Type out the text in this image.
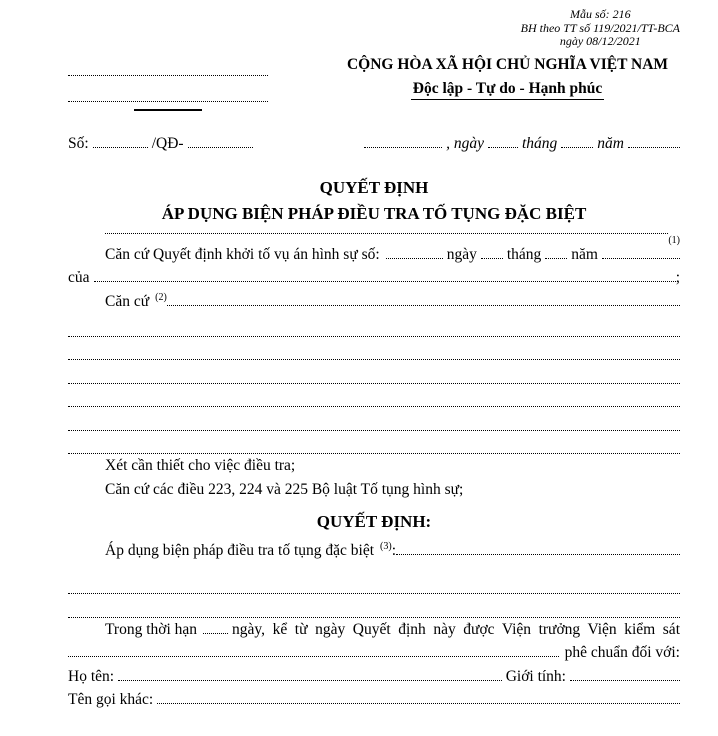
Mẫu số: 216
BH theo TT số 119/2021/TT-BCA
ngày 08/12/2021
CỘNG HÒA XÃ HỘI CHỦ NGHĨA VIỆT NAM
Độc lập - Tự do - Hạnh phúc
Số:	/QĐ-	, ngày tháng	năm
QUYẾT ĐỊNH
ÁP DỤNG BIỆN PHÁP ĐIỀU TRA TỐ TỤNG ĐẶC BIỆT
$^{(1)}$
Căn cứ Quyết định khởi tố vụ án hình sự số:	ngày tháng năm
của	;
Căn cứ $^{(2)}$
Xét cần thiết cho việc điều tra;
Căn cứ các điều 223, 224 và 225 Bộ luật Tố tụng hình sự;
QUYẾT ĐỊNH:
Áp dụng biện pháp điều tra tố tụng đặc biệt $^{(3)}$ :
Trong thời hạn ngày, kể từ ngày Quyết định này được Viện trưởng Viện kiểm sát
phê chuẩn đối với:
Họ tên:	Giới tính:
Tên gọi khác:
